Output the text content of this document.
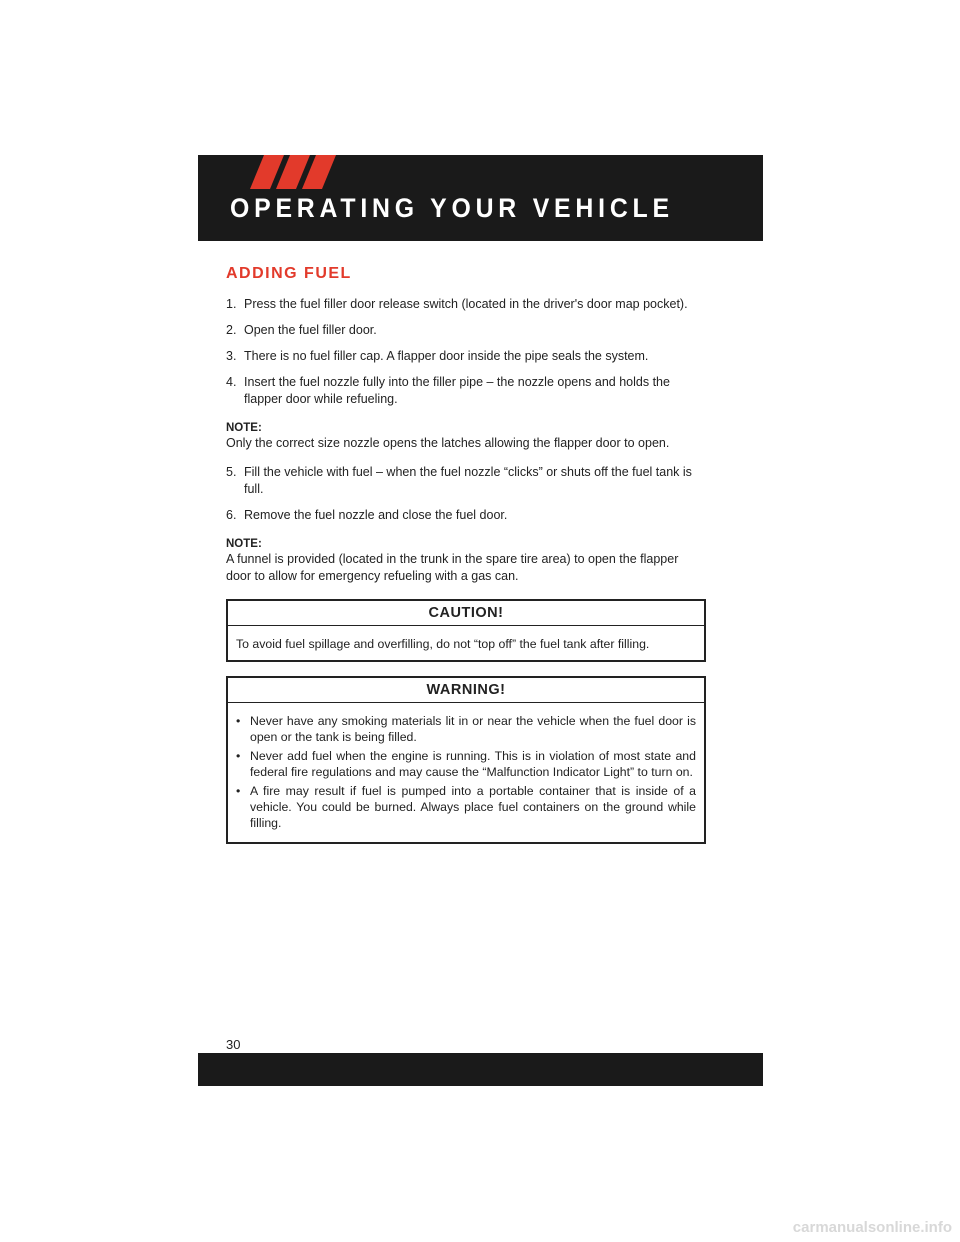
OPERATING YOUR VEHICLE
ADDING FUEL
1. Press the fuel filler door release switch (located in the driver's door map pocket).
2. Open the fuel filler door.
3. There is no fuel filler cap. A flapper door inside the pipe seals the system.
4. Insert the fuel nozzle fully into the filler pipe – the nozzle opens and holds the flapper door while refueling.
NOTE:
Only the correct size nozzle opens the latches allowing the flapper door to open.
5. Fill the vehicle with fuel – when the fuel nozzle “clicks” or shuts off the fuel tank is full.
6. Remove the fuel nozzle and close the fuel door.
NOTE:
A funnel is provided (located in the trunk in the spare tire area) to open the flapper door to allow for emergency refueling with a gas can.
CAUTION!
To avoid fuel spillage and overfilling, do not “top off” the fuel tank after filling.
WARNING!
• Never have any smoking materials lit in or near the vehicle when the fuel door is open or the tank is being filled.
• Never add fuel when the engine is running. This is in violation of most state and federal fire regulations and may cause the “Malfunction Indicator Light” to turn on.
• A fire may result if fuel is pumped into a portable container that is inside of a vehicle. You could be burned. Always place fuel containers on the ground while filling.
30
carmanualsonline.info
